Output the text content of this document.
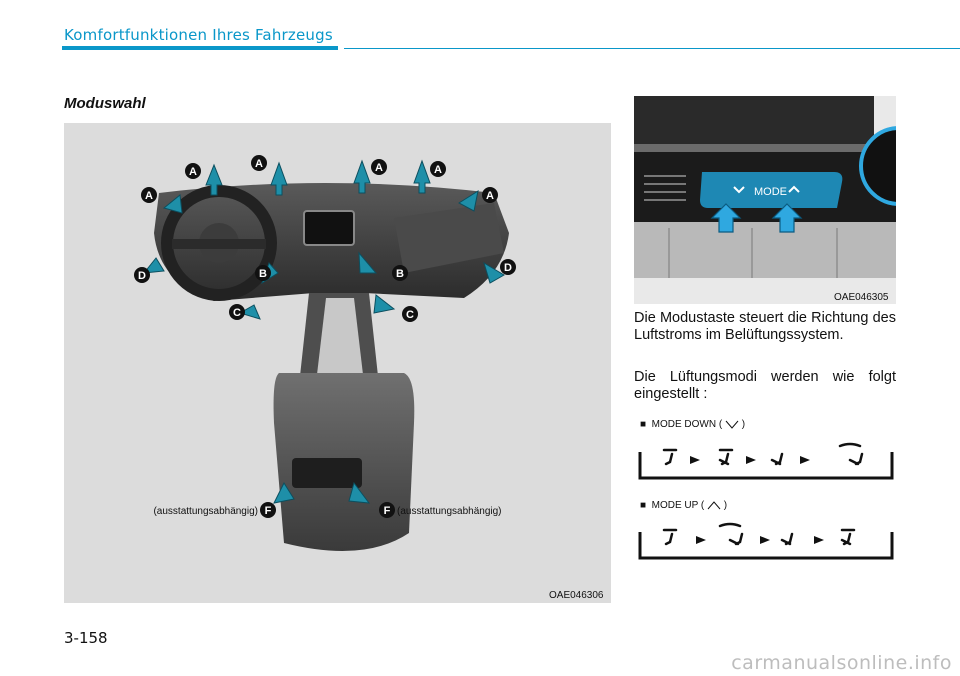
Komfortfunktionen Ihres Fahrzeugs
Moduswahl
A
A
A	A	A
A
D
D
B	B
C	C
F	F
(ausstattungsabhängig)	(ausstattungsabhängig)
OAE046306
MODE
OAE046305
Die Modustaste steuert die Richtung des Luftstroms im Belüftungssystem.
Die Lüftungsmodi werden wie folgt eingestellt :
■ MODE DOWN ( )
■ MODE UP ( )
3-158
carmanualsonline.info
